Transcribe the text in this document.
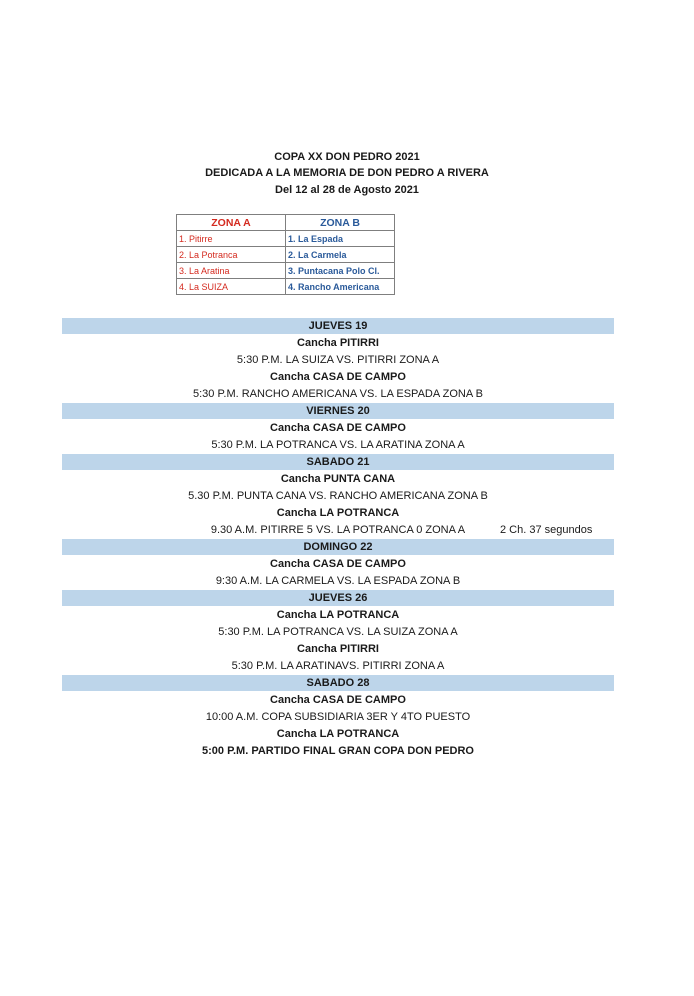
COPA XX DON PEDRO 2021
DEDICADA A LA MEMORIA DE DON PEDRO A RIVERA
Del 12 al 28 de Agosto 2021
ZONA A	ZONA B
1. Pitirre	1. La Espada
2. La Potranca	2. La Carmela
3. La Aratina	3. Puntacana Polo Cl.
4. La SUIZA	4. Rancho Americana
JUEVES 19
Cancha PITIRRI
5:30 P.M. LA SUIZA VS. PITIRRI ZONA A
Cancha CASA DE CAMPO
5:30 P.M. RANCHO AMERICANA VS. LA ESPADA ZONA B
VIERNES 20
Cancha CASA DE CAMPO
5:30 P.M. LA POTRANCA VS. LA ARATINA ZONA A
SABADO 21
Cancha PUNTA CANA
5.30 P.M. PUNTA CANA VS. RANCHO AMERICANA ZONA B
Cancha LA POTRANCA
9.30 A.M. PITIRRE 5 VS. LA POTRANCA 0 ZONA A	2 Ch. 37 segundos
DOMINGO 22
Cancha CASA DE CAMPO
9:30 A.M. LA CARMELA VS. LA ESPADA ZONA B
JUEVES 26
Cancha LA POTRANCA
5:30 P.M. LA POTRANCA VS. LA SUIZA ZONA A
Cancha PITIRRI
5:30 P.M. LA ARATINAVS. PITIRRI ZONA A
SABADO 28
Cancha CASA DE CAMPO
10:00 A.M. COPA SUBSIDIARIA 3ER Y 4TO PUESTO
Cancha LA POTRANCA
5:00 P.M. PARTIDO FINAL GRAN COPA DON PEDRO
